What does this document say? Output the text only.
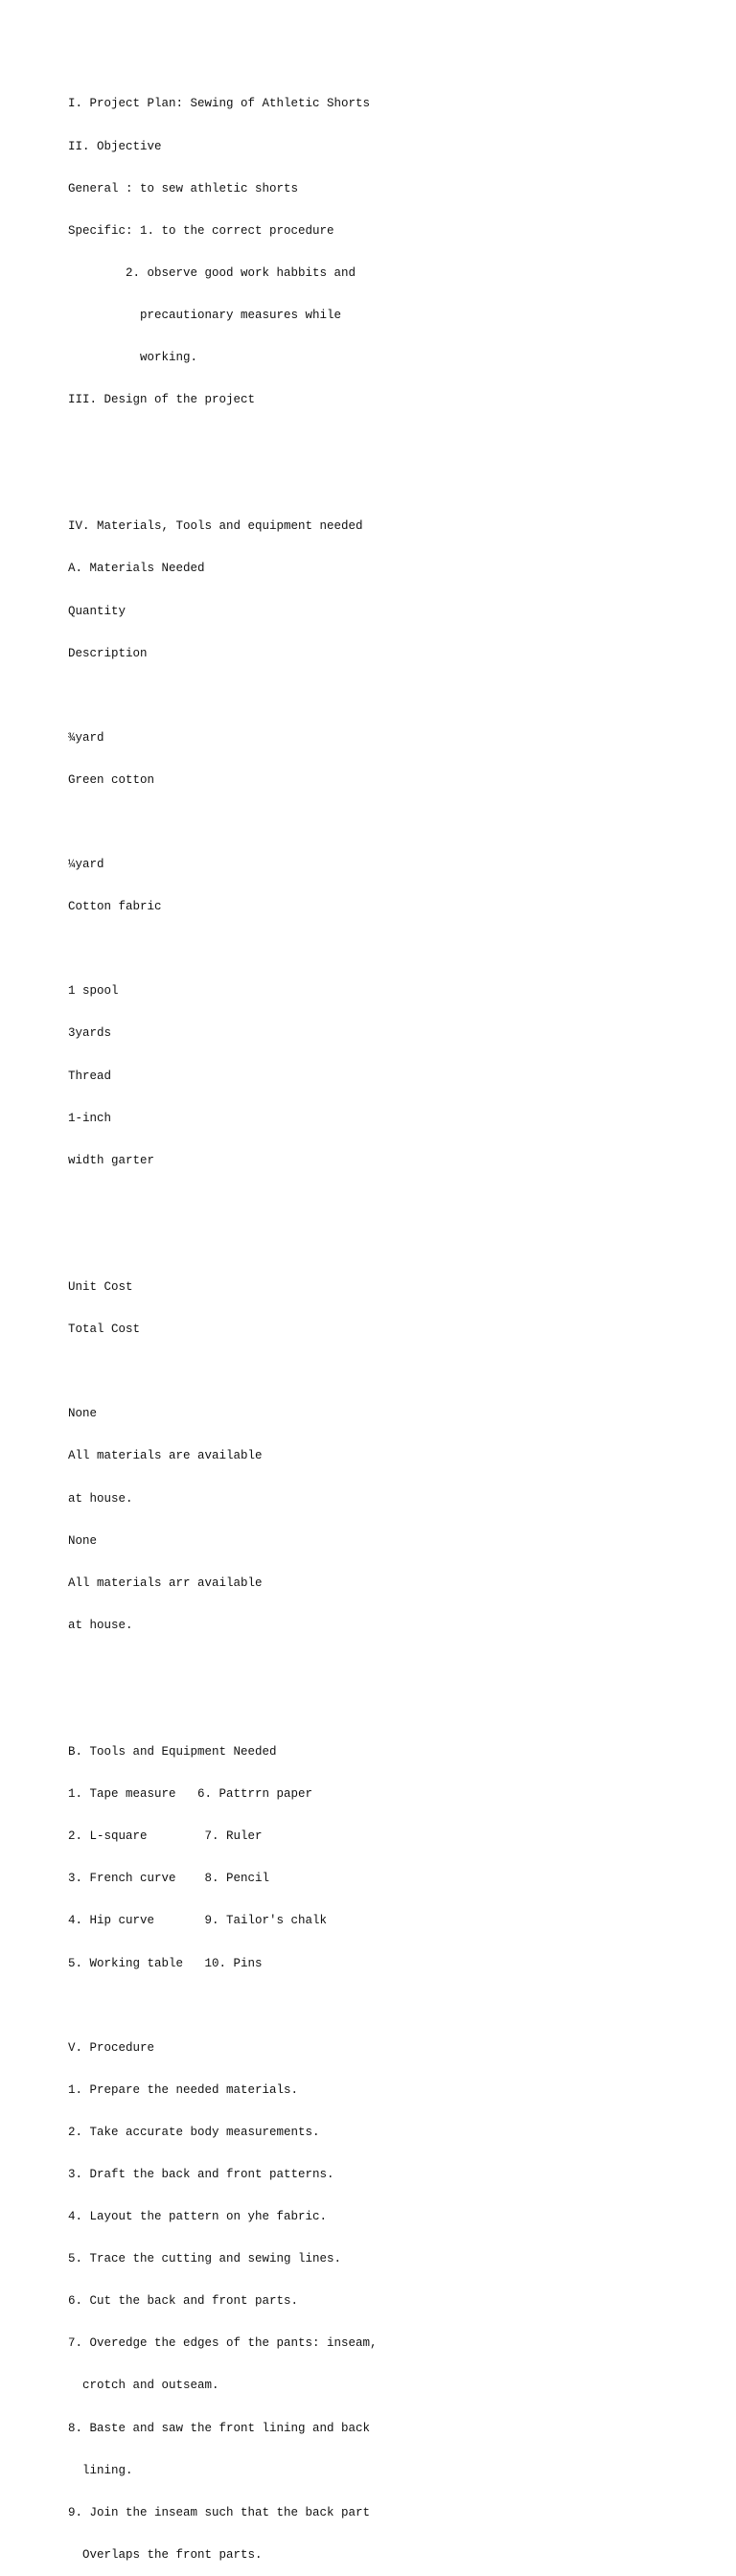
I. Project Plan: Sewing of Athletic Shorts

II. Objective

General : to sew athletic shorts

Specific: 1. to the correct procedure

2. observe good work habbits and

precautionary measures while

working.

III. Design of the project

IV. Materials, Tools and equipment needed

A. Materials Needed

Quantity

Description

¾yard

Green cotton

¼yard

Cotton fabric

1 spool

3yards

Thread

1-inch

width garter

Unit Cost

Total Cost

None

All materials are available

at house.

None

All materials arr available

at house.

B. Tools and Equipment Needed

1. Tape measure   6. Pattrrn paper

2. L-square        7. Ruler

3. French curve    8. Pencil

4. Hip curve       9. Tailor's chalk

5. Working table   10. Pins

V. Procedure

1. Prepare the needed materials.

2. Take accurate body measurements.

3. Draft the back and front patterns.

4. Layout the pattern on yhe fabric.

5. Trace the cutting and sewing lines.

6. Cut the back and front parts.

7. Overedge the edges of the pants: inseam,

crotch and outseam.

8. Baste and saw the front lining and back

lining.

9. Join the inseam such that the back part

Overlaps the front parts.
